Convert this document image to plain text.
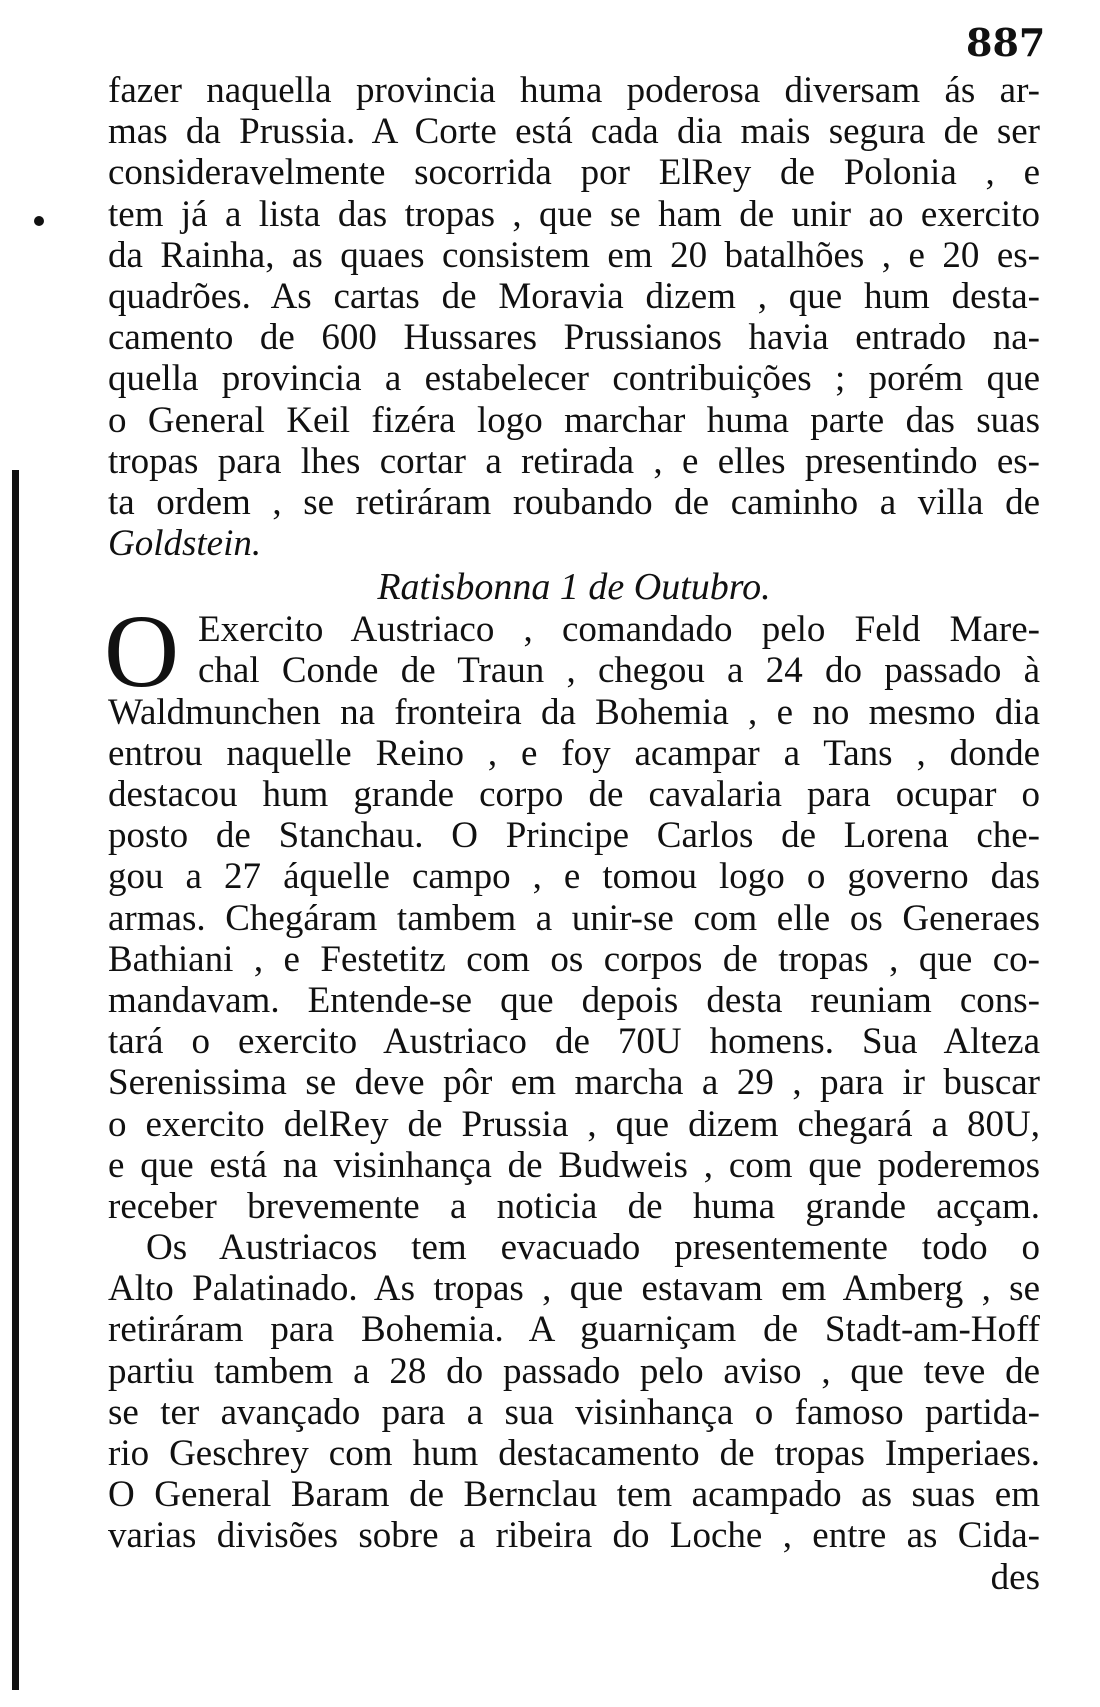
887
fazer naquella provincia huma poderosa diversam ás ar-
mas da Prussia. A Corte está cada dia mais segura de ser
consideravelmente socorrida por ElRey de Polonia , e
tem já a lista das tropas , que se ham de unir ao exercito
da Rainha, as quaes consistem em 20 batalhões , e 20 es-
quadrões. As cartas de Moravia dizem , que hum desta-
camento de 600 Hussares Prussianos havia entrado na-
quella provincia a estabelecer contribuições ; porém que
o General Keil fizéra logo marchar huma parte das suas
tropas para lhes cortar a retirada , e elles presentindo es-
ta ordem , se retiráram roubando de caminho a villa de
Goldstein.
Ratisbonna 1 de Outubro.
O Exercito Austriaco , comandado pelo Feld Mare-
chal Conde de Traun , chegou a 24 do passado à
Waldmunchen na fronteira da Bohemia , e no mesmo dia
entrou naquelle Reino , e foy acampar a Tans , donde
destacou hum grande corpo de cavalaria para ocupar o
posto de Stanchau. O Principe Carlos de Lorena che-
gou a 27 áquelle campo , e tomou logo o governo das
armas. Chegáram tambem a unir-se com elle os Generaes
Bathiani , e Festetitz com os corpos de tropas , que co-
mandavam. Entende-se que depois desta reuniam cons-
tará o exercito Austriaco de 70U homens. Sua Alteza
Serenissima se deve pôr em marcha a 29 , para ir buscar
o exercito delRey de Prussia , que dizem chegará a 80U,
e que está na visinhança de Budweis , com que poderemos
receber brevemente a noticia de huma grande acçam.
Os Austriacos tem evacuado presentemente todo o
Alto Palatinado. As tropas , que estavam em Amberg , se
retiráram para Bohemia. A guarniçam de Stadt-am-Hoff
partiu tambem a 28 do passado pelo aviso , que teve de
se ter avançado para a sua visinhança o famoso partida-
rio Geschrey com hum destacamento de tropas Imperiaes.
O General Baram de Bernclau tem acampado as suas em
varias divisões sobre a ribeira do Loche , entre as Cida-
des
